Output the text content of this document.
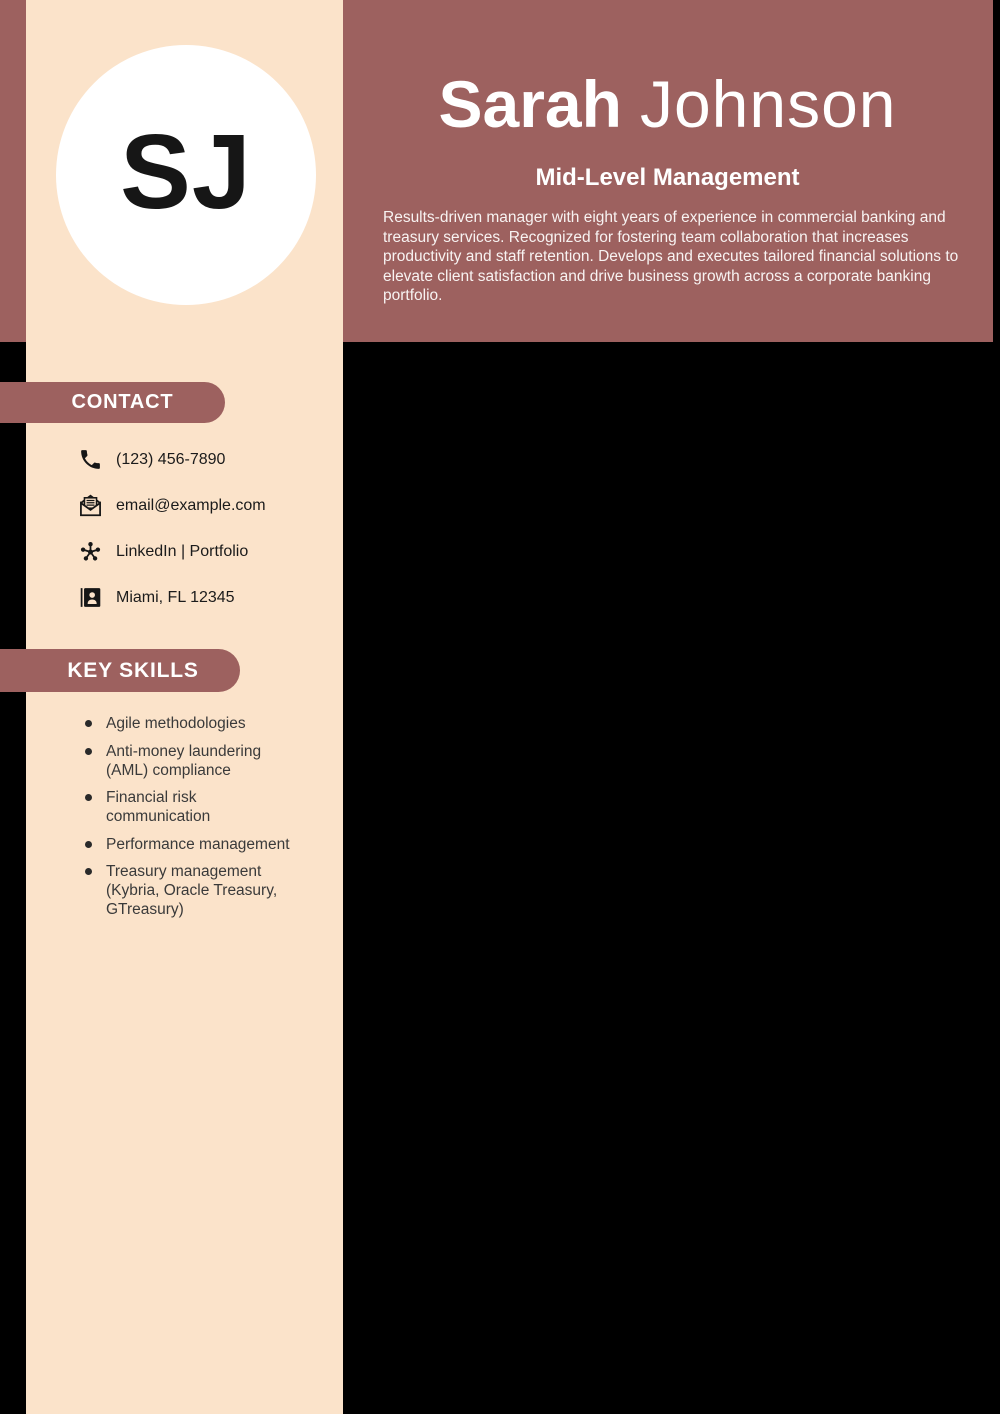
Sarah Johnson
Mid-Level Management
Results-driven manager with eight years of experience in commercial banking and treasury services. Recognized for fostering team collaboration that increases productivity and staff retention. Develops and executes tailored financial solutions to elevate client satisfaction and drive business growth across a corporate banking portfolio.
SJ
CONTACT
(123) 456-7890
email@example.com
LinkedIn | Portfolio
Miami, FL 12345
KEY SKILLS
Agile methodologies
Anti-money laundering (AML) compliance
Financial risk communication
Performance management
Treasury management (Kybria, Oracle Treasury, GTreasury)
